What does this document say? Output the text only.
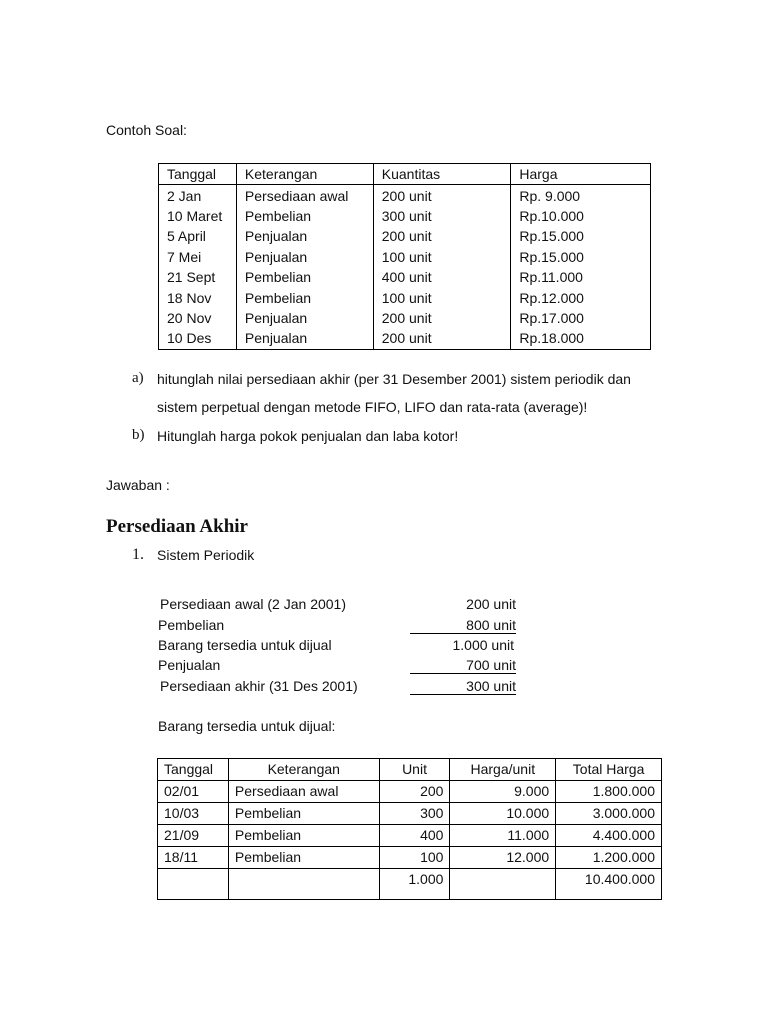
Contoh Soal:
Tanggal	Keterangan	Kuantitas	Harga
2 Jan	Persediaan awal	200 unit	Rp. 9.000
10 Maret	Pembelian	300 unit	Rp.10.000
5 April	Penjualan	200 unit	Rp.15.000
7 Mei	Penjualan	100 unit	Rp.15.000
21 Sept	Pembelian	400 unit	Rp.11.000
18 Nov	Pembelian	100 unit	Rp.12.000
20 Nov	Penjualan	200 unit	Rp.17.000
10 Des	Penjualan	200 unit	Rp.18.000
a) hitunglah nilai persediaan akhir (per 31 Desember 2001) sistem periodik dan
sistem perpetual dengan metode FIFO, LIFO dan rata-rata (average)!
b) Hitunglah harga pokok penjualan dan laba kotor!
Jawaban :
Persediaan Akhir
1. Sistem Periodik
Persediaan awal (2 Jan 2001)	200 unit
Pembelian	800 unit
Barang tersedia untuk dijual	1.000 unit
Penjualan	700 unit
Persediaan akhir (31 Des 2001)	300 unit
Barang tersedia untuk dijual:
Tanggal	Keterangan	Unit	Harga/unit	Total Harga
02/01	Persediaan awal	200	9.000	1.800.000
10/03	Pembelian	300	10.000	3.000.000
21/09	Pembelian	400	11.000	4.400.000
18/11	Pembelian	100	12.000	1.200.000
		1.000		10.400.000
